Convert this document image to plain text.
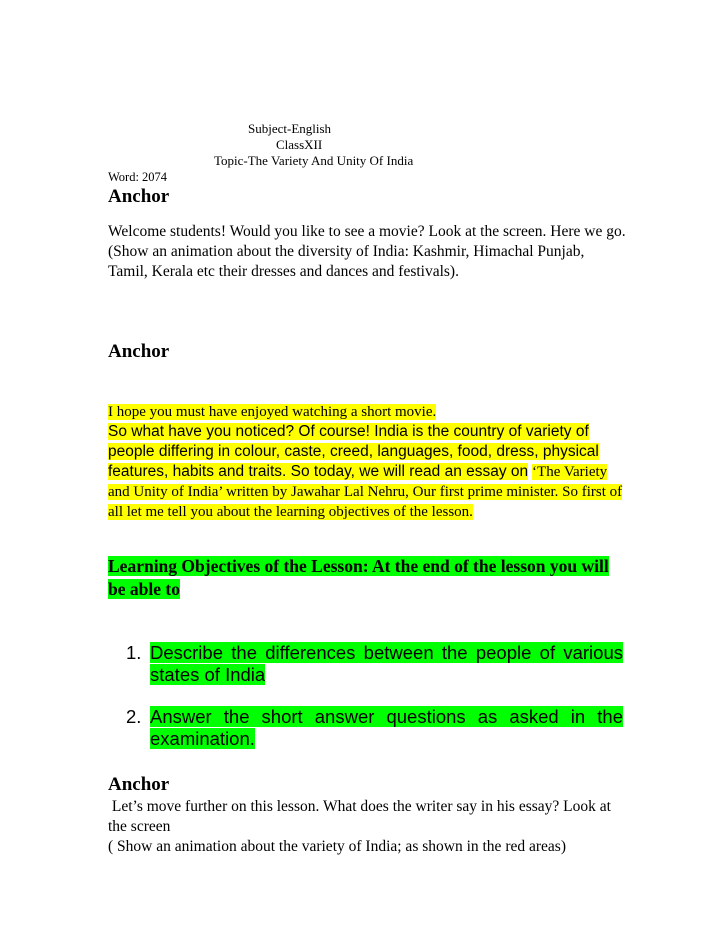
Subject-English
ClassXII
Topic-The Variety And Unity Of India
Word: 2074
Anchor

Welcome students! Would you like to see a movie? Look at the screen. Here we go.

(Show an animation about the diversity of India: Kashmir, Himachal Punjab, Tamil, Kerala etc their dresses and dances and festivals).

Anchor

I hope you must have enjoyed watching a short movie.

So what have you noticed? Of course! India is the country of variety of people differing in colour, caste, creed, languages, food, dress, physical features, habits and traits. So today, we will read an essay on ‘The Variety and Unity of India’ written by Jawahar Lal Nehru, Our first prime minister. So first of all let me tell you about the learning objectives of the lesson.

Learning Objectives of the Lesson: At the end of the lesson you will be able to
1. Describe the differences between the people of various states of India
2. Answer the short answer questions as asked in the examination.
Anchor

Let’s move further on this lesson. What does the writer say in his essay? Look at the screen

( Show an animation about the variety of India; as shown in the red areas)
